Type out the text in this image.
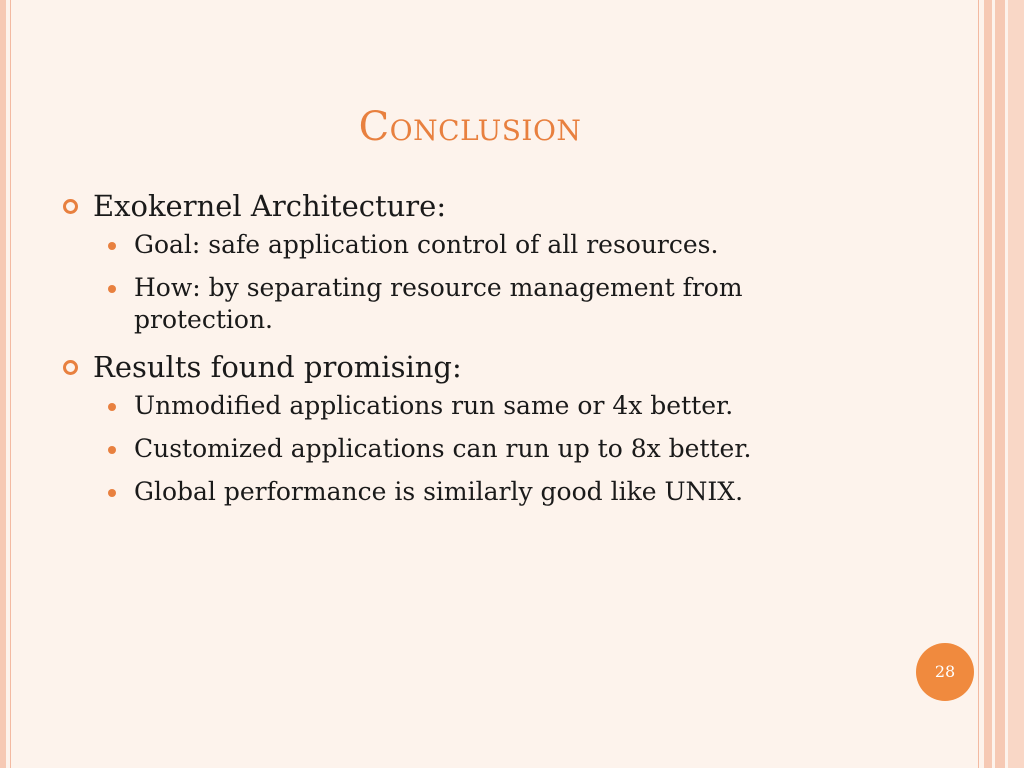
Conclusion
Exokernel Architecture:
Goal: safe application control of all resources.
How: by separating resource management from protection.
Results found promising:
Unmodified applications run same or 4x better.
Customized applications can run up to 8x better.
Global performance is similarly good like UNIX.
28
